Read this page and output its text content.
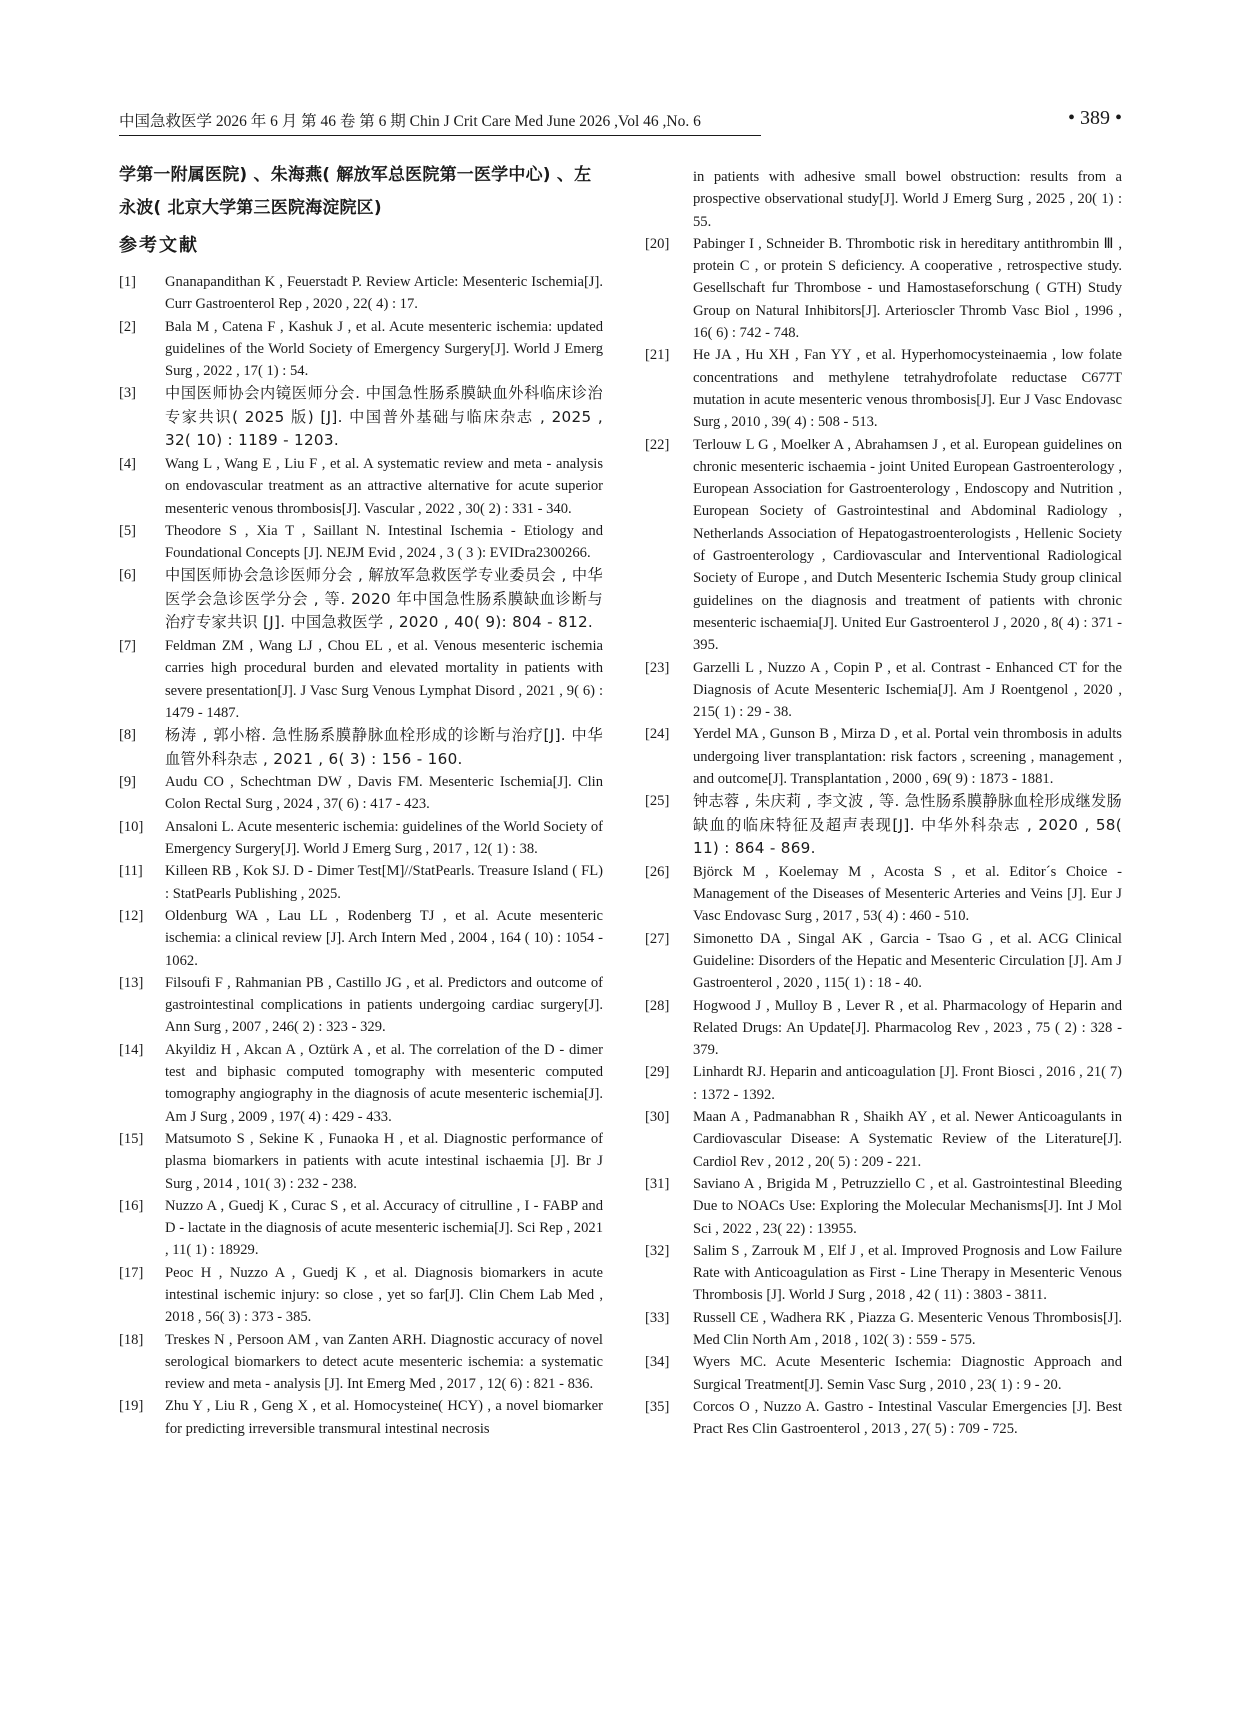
中国急救医学 2026 年 6 月 第 46 卷 第 6 期 Chin J Crit Care Med June 2026 ,Vol 46 ,No. 6	• 389 •

学第一附属医院) 、朱海燕( 解放军总医院第一医学中心) 、左永波( 北京大学第三医院海淀院区)

参考文献
[1]	Gnanapandithan K , Feuerstadt P. Review Article: Mesenteric Ischemia[J]. Curr Gastroenterol Rep , 2020 , 22( 4) : 17.
[2]	Bala M , Catena F , Kashuk J , et al. Acute mesenteric ischemia: updated guidelines of the World Society of Emergency Surgery[J]. World J Emerg Surg , 2022 , 17( 1) : 54.
[3]	中国医师协会内镜医师分会. 中国急性肠系膜缺血外科临床诊治专家共识( 2025 版) [J]. 中国普外基础与临床杂志 , 2025 , 32( 10) : 1189 - 1203.
[4]	Wang L , Wang E , Liu F , et al. A systematic review and meta - analysis on endovascular treatment as an attractive alternative for acute superior mesenteric venous thrombosis[J]. Vascular , 2022 , 30( 2) : 331 - 340.
[5]	Theodore S , Xia T , Saillant N. Intestinal Ischemia - Etiology and Foundational Concepts [J]. NEJM Evid , 2024 , 3 ( 3 ): EVIDra2300266.
[6]	中国医师协会急诊医师分会 , 解放军急救医学专业委员会 , 中华医学会急诊医学分会 , 等. 2020 年中国急性肠系膜缺血诊断与治疗专家共识 [J]. 中国急救医学 , 2020 , 40( 9): 804 - 812.
[7]	Feldman ZM , Wang LJ , Chou EL , et al. Venous mesenteric ischemia carries high procedural burden and elevated mortality in patients with severe presentation[J]. J Vasc Surg Venous Lymphat Disord , 2021 , 9( 6) : 1479 - 1487.
[8]	杨涛 , 郭小榕. 急性肠系膜静脉血栓形成的诊断与治疗[J]. 中华血管外科杂志 , 2021 , 6( 3) : 156 - 160.
[9]	Audu CO , Schechtman DW , Davis FM. Mesenteric Ischemia[J]. Clin Colon Rectal Surg , 2024 , 37( 6) : 417 - 423.
[10]	Ansaloni L. Acute mesenteric ischemia: guidelines of the World Society of Emergency Surgery[J]. World J Emerg Surg , 2017 , 12( 1) : 38.
[11]	Killeen RB , Kok SJ. D - Dimer Test[M]//StatPearls. Treasure Island ( FL) : StatPearls Publishing , 2025.
[12]	Oldenburg WA , Lau LL , Rodenberg TJ , et al. Acute mesenteric ischemia: a clinical review [J]. Arch Intern Med , 2004 , 164 ( 10) : 1054 - 1062.
[13]	Filsoufi F , Rahmanian PB , Castillo JG , et al. Predictors and outcome of gastrointestinal complications in patients undergoing cardiac surgery[J]. Ann Surg , 2007 , 246( 2) : 323 - 329.
[14]	Akyildiz H , Akcan A , Oztürk A , et al. The correlation of the D - dimer test and biphasic computed tomography with mesenteric computed tomography angiography in the diagnosis of acute mesenteric ischemia[J]. Am J Surg , 2009 , 197( 4) : 429 - 433.
[15]	Matsumoto S , Sekine K , Funaoka H , et al. Diagnostic performance of plasma biomarkers in patients with acute intestinal ischaemia [J]. Br J Surg , 2014 , 101( 3) : 232 - 238.
[16]	Nuzzo A , Guedj K , Curac S , et al. Accuracy of citrulline , I - FABP and D - lactate in the diagnosis of acute mesenteric ischemia[J]. Sci Rep , 2021 , 11( 1) : 18929.
[17]	Peoc H , Nuzzo A , Guedj K , et al. Diagnosis biomarkers in acute intestinal ischemic injury: so close , yet so far[J]. Clin Chem Lab Med , 2018 , 56( 3) : 373 - 385.
[18]	Treskes N , Persoon AM , van Zanten ARH. Diagnostic accuracy of novel serological biomarkers to detect acute mesenteric ischemia: a systematic review and meta - analysis [J]. Int Emerg Med , 2017 , 12( 6) : 821 - 836.
[19]	Zhu Y , Liu R , Geng X , et al. Homocysteine( HCY) , a novel biomarker for predicting irreversible transmural intestinal necrosis
in patients with adhesive small bowel obstruction: results from a prospective observational study[J]. World J Emerg Surg , 2025 , 20( 1) : 55.
[20]	Pabinger I , Schneider B. Thrombotic risk in hereditary antithrombin Ⅲ , protein C , or protein S deficiency. A cooperative , retrospective study. Gesellschaft fur Thrombose - und Hamostaseforschung ( GTH) Study Group on Natural Inhibitors[J]. Arterioscler Thromb Vasc Biol , 1996 , 16( 6) : 742 - 748.
[21]	He JA , Hu XH , Fan YY , et al. Hyperhomocysteinaemia , low folate concentrations and methylene tetrahydrofolate reductase C677T mutation in acute mesenteric venous thrombosis[J]. Eur J Vasc Endovasc Surg , 2010 , 39( 4) : 508 - 513.
[22]	Terlouw L G , Moelker A , Abrahamsen J , et al. European guidelines on chronic mesenteric ischaemia - joint United European Gastroenterology , European Association for Gastroenterology , Endoscopy and Nutrition , European Society of Gastrointestinal and Abdominal Radiology , Netherlands Association of Hepatogastroenterologists , Hellenic Society of Gastroenterology , Cardiovascular and Interventional Radiological Society of Europe , and Dutch Mesenteric Ischemia Study group clinical guidelines on the diagnosis and treatment of patients with chronic mesenteric ischaemia[J]. United Eur Gastroenterol J , 2020 , 8( 4) : 371 - 395.
[23]	Garzelli L , Nuzzo A , Copin P , et al. Contrast - Enhanced CT for the Diagnosis of Acute Mesenteric Ischemia[J]. Am J Roentgenol , 2020 , 215( 1) : 29 - 38.
[24]	Yerdel MA , Gunson B , Mirza D , et al. Portal vein thrombosis in adults undergoing liver transplantation: risk factors , screening , management , and outcome[J]. Transplantation , 2000 , 69( 9) : 1873 - 1881.
[25]	钟志蓉 , 朱庆莉 , 李文波 , 等. 急性肠系膜静脉血栓形成继发肠缺血的临床特征及超声表现[J]. 中华外科杂志 , 2020 , 58( 11) : 864 - 869.
[26]	Björck M , Koelemay M , Acosta S , et al. Editor´s Choice - Management of the Diseases of Mesenteric Arteries and Veins [J]. Eur J Vasc Endovasc Surg , 2017 , 53( 4) : 460 - 510.
[27]	Simonetto DA , Singal AK , Garcia - Tsao G , et al. ACG Clinical Guideline: Disorders of the Hepatic and Mesenteric Circulation [J]. Am J Gastroenterol , 2020 , 115( 1) : 18 - 40.
[28]	Hogwood J , Mulloy B , Lever R , et al. Pharmacology of Heparin and Related Drugs: An Update[J]. Pharmacolog Rev , 2023 , 75 ( 2) : 328 - 379.
[29]	Linhardt RJ. Heparin and anticoagulation [J]. Front Biosci , 2016 , 21( 7) : 1372 - 1392.
[30]	Maan A , Padmanabhan R , Shaikh AY , et al. Newer Anticoagulants in Cardiovascular Disease: A Systematic Review of the Literature[J]. Cardiol Rev , 2012 , 20( 5) : 209 - 221.
[31]	Saviano A , Brigida M , Petruzziello C , et al. Gastrointestinal Bleeding Due to NOACs Use: Exploring the Molecular Mechanisms[J]. Int J Mol Sci , 2022 , 23( 22) : 13955.
[32]	Salim S , Zarrouk M , Elf J , et al. Improved Prognosis and Low Failure Rate with Anticoagulation as First - Line Therapy in Mesenteric Venous Thrombosis [J]. World J Surg , 2018 , 42 ( 11) : 3803 - 3811.
[33]	Russell CE , Wadhera RK , Piazza G. Mesenteric Venous Thrombosis[J]. Med Clin North Am , 2018 , 102( 3) : 559 - 575.
[34]	Wyers MC. Acute Mesenteric Ischemia: Diagnostic Approach and Surgical Treatment[J]. Semin Vasc Surg , 2010 , 23( 1) : 9 - 20.
[35]	Corcos O , Nuzzo A. Gastro - Intestinal Vascular Emergencies [J]. Best Pract Res Clin Gastroenterol , 2013 , 27( 5) : 709 - 725.
